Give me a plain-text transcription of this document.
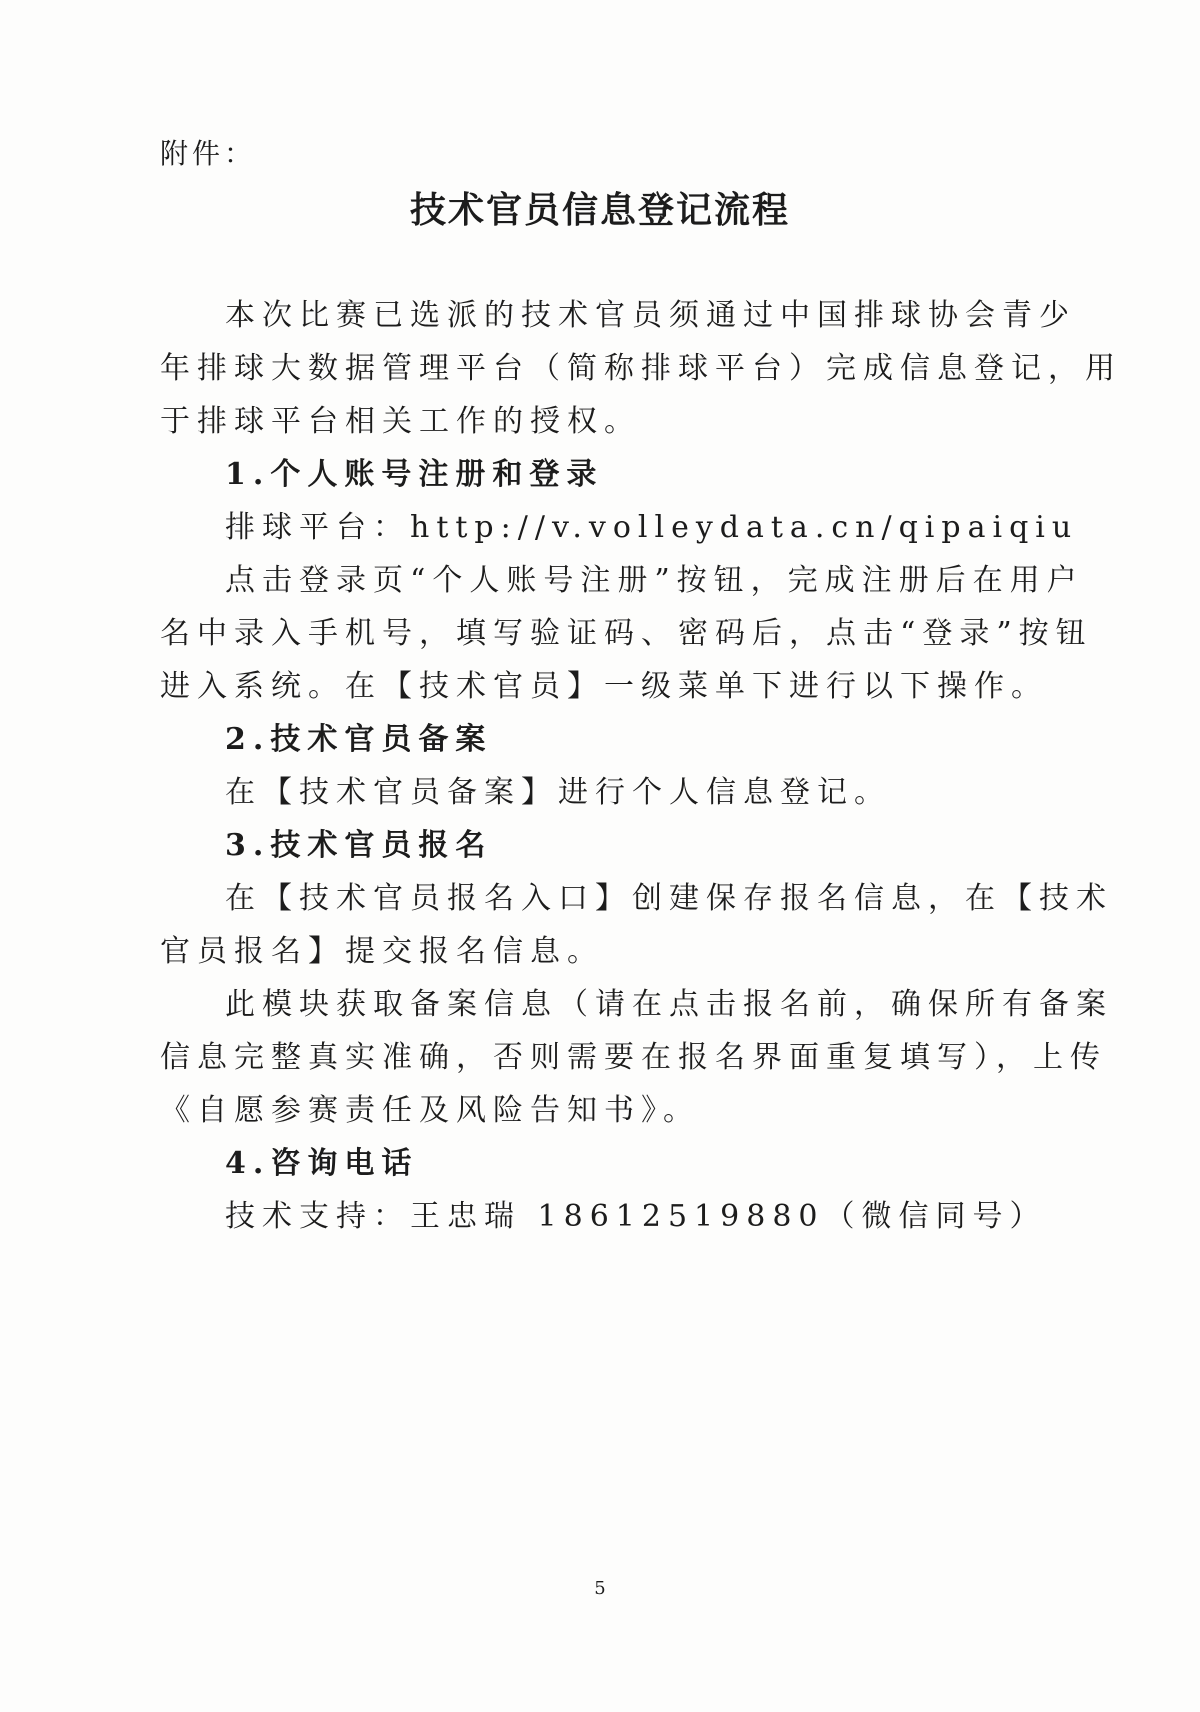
附件：
技术官员信息登记流程
本次比赛已选派的技术官员须通过中国排球协会青少
年排球大数据管理平台（简称排球平台）完成信息登记，用
于排球平台相关工作的授权。
1.个人账号注册和登录
排球平台：http://v.volleydata.cn/qipaiqiu
点击登录页“个人账号注册”按钮，完成注册后在用户
名中录入手机号，填写验证码、密码后，点击“登录”按钮
进入系统。在【技术官员】一级菜单下进行以下操作。
2.技术官员备案
在【技术官员备案】进行个人信息登记。
3.技术官员报名
在【技术官员报名入口】创建保存报名信息，在【技术
官员报名】提交报名信息。
此模块获取备案信息（请在点击报名前，确保所有备案
信息完整真实准确，否则需要在报名界面重复填写），上传
《自愿参赛责任及风险告知书》。
4.咨询电话
技术支持：王忠瑞 18612519880（微信同号）
5
